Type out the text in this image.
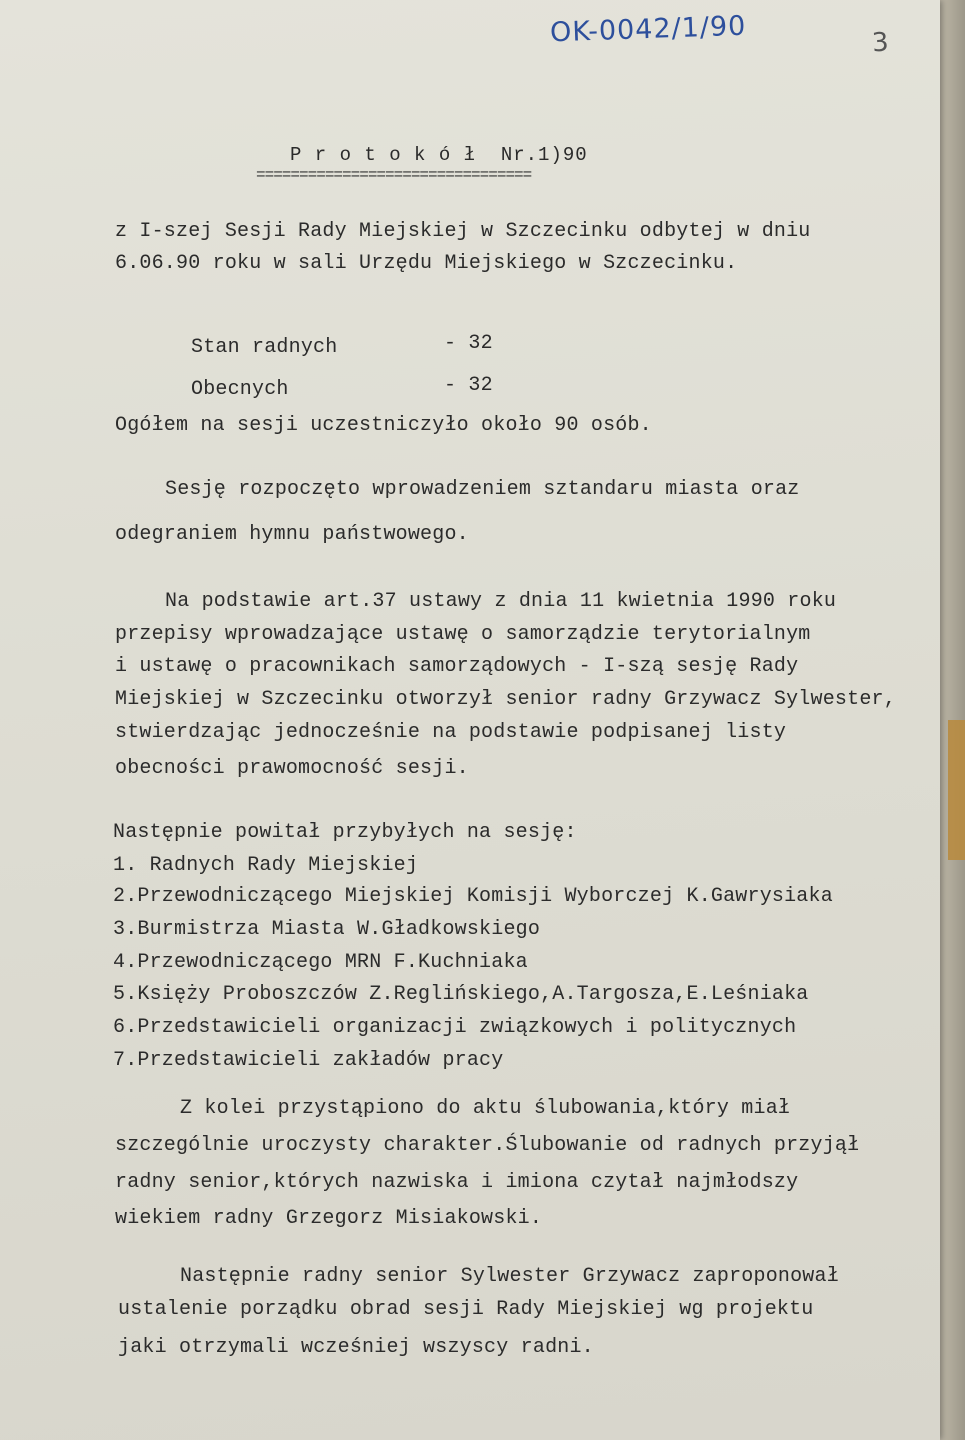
OK-0042/1/90	3
P r o t o k ó ł  Nr.1)90
================================
z I-szej Sesji Rady Miejskiej w Szczecinku odbytej w dniu
6.06.90 roku w sali Urzędu Miejskiego w Szczecinku.
Stan radnych	- 32
Obecnych	- 32
Ogółem na sesji uczestniczyło około 90 osób.
Sesję rozpoczęto wprowadzeniem sztandaru miasta oraz
odegraniem hymnu państwowego.
Na podstawie art.37 ustawy z dnia 11 kwietnia 1990 roku
przepisy wprowadzające ustawę o samorządzie terytorialnym
i ustawę o pracownikach samorządowych - I-szą sesję Rady
Miejskiej w Szczecinku otworzył senior radny Grzywacz Sylwester,
stwierdzając jednocześnie na podstawie podpisanej listy
obecności prawomocność sesji.
Następnie powitał przybyłych na sesję:
1. Radnych Rady Miejskiej
2.Przewodniczącego Miejskiej Komisji Wyborczej K.Gawrysiaka
3.Burmistrza Miasta W.Gładkowskiego
4.Przewodniczącego MRN F.Kuchniaka
5.Księży Proboszczów Z.Reglińskiego,A.Targosza,E.Leśniaka
6.Przedstawicieli organizacji związkowych i politycznych
7.Przedstawicieli zakładów pracy
Z kolei przystąpiono do aktu ślubowania,który miał
szczególnie uroczysty charakter.Ślubowanie od radnych przyjął
radny senior,których nazwiska i imiona czytał najmłodszy
wiekiem radny Grzegorz Misiakowski.
Następnie radny senior Sylwester Grzywacz zaproponował
ustalenie porządku obrad sesji Rady Miejskiej wg projektu
jaki otrzymali wcześniej wszyscy radni.
